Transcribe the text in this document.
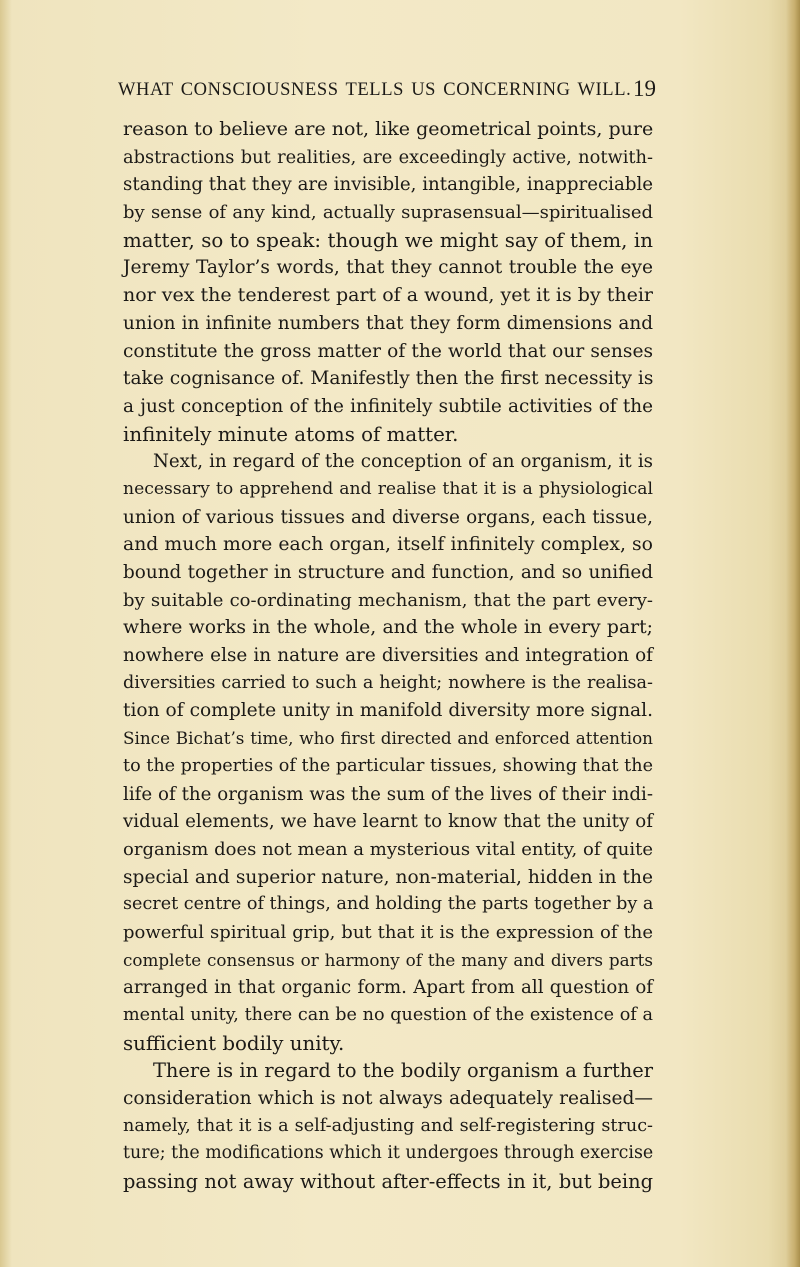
WHAT CONSCIOUSNESS TELLS US CONCERNING WILL. 19
reason to believe are not, like geometrical points, pure
abstractions but realities, are exceedingly active, notwith-
standing that they are invisible, intangible, inappreciable
by sense of any kind, actually suprasensual—spiritualised
matter, so to speak: though we might say of them, in
Jeremy Taylor’s words, that they cannot trouble the eye
nor vex the tenderest part of a wound, yet it is by their
union in infinite numbers that they form dimensions and
constitute the gross matter of the world that our senses
take cognisance of. Manifestly then the first necessity is
a just conception of the infinitely subtile activities of the
infinitely minute atoms of matter.
Next, in regard of the conception of an organism, it is
necessary to apprehend and realise that it is a physiological
union of various tissues and diverse organs, each tissue,
and much more each organ, itself infinitely complex, so
bound together in structure and function, and so unified
by suitable co-ordinating mechanism, that the part every-
where works in the whole, and the whole in every part;
nowhere else in nature are diversities and integration of
diversities carried to such a height; nowhere is the realisa-
tion of complete unity in manifold diversity more signal.
Since Bichat’s time, who first directed and enforced attention
to the properties of the particular tissues, showing that the
life of the organism was the sum of the lives of their indi-
vidual elements, we have learnt to know that the unity of
organism does not mean a mysterious vital entity, of quite
special and superior nature, non-material, hidden in the
secret centre of things, and holding the parts together by a
powerful spiritual grip, but that it is the expression of the
complete consensus or harmony of the many and divers parts
arranged in that organic form. Apart from all question of
mental unity, there can be no question of the existence of a
sufficient bodily unity.
There is in regard to the bodily organism a further
consideration which is not always adequately realised—
namely, that it is a self-adjusting and self-registering struc-
ture; the modifications which it undergoes through exercise
passing not away without after-effects in it, but being
